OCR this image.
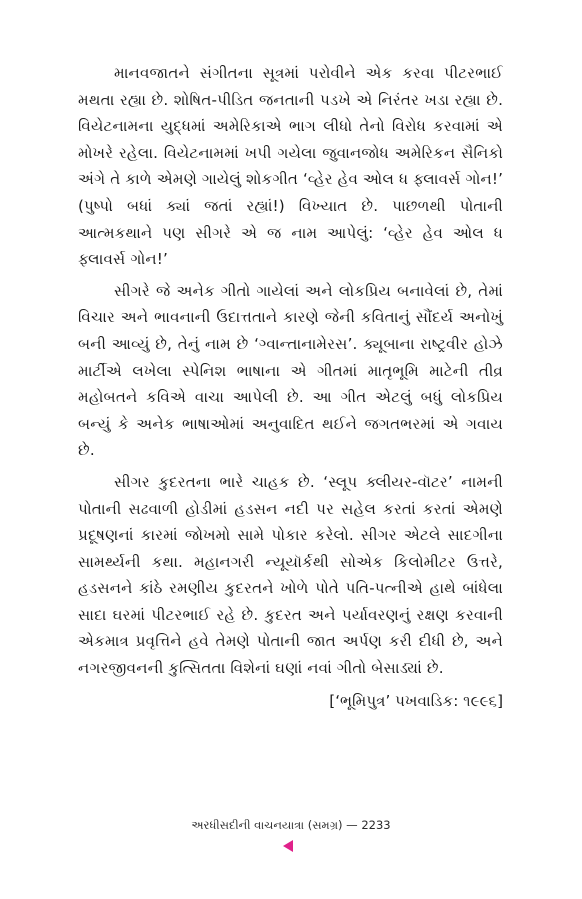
માનવજાતને સંગીતના સૂત્રમાં પરોવીને એક કરવા પીટરભાઈ મથતા રહ્યા છે. શોષિત-પીડિત જનતાની પડખે એ નિરંતર ખડા રહ્યા છે. વિયેટનામના યુદ્ધમાં અમેરિકાએ ભાગ લીધો તેનો વિરોધ કરવામાં એ મોખરે રહેલા. વિયેટનામમાં ખપી ગયેલા જુવાનજોધ અમેરિકન સૈનિકો અંગે તે કાળે એમણે ગાયેલું શોકગીત ‘વ્હેર હેવ ઓલ ધ ફ્લાવર્સ ગોન!’ (પુષ્પો બધાં ક્યાં જતાં રહ્યાં!) વિખ્યાત છે. પાછળથી પોતાની આત્મકથાને પણ સીગરે એ જ નામ આપેલું: ‘વ્હેર હેવ ઓલ ધ ફ્લાવર્સ ગોન!’

સીગરે જે અનેક ગીતો ગાયેલાં અને લોકપ્રિય બનાવેલાં છે, તેમાં વિચાર અને ભાવનાની ઉદાત્તતાને કારણે જેની કવિતાનું સૌંદર્ય અનોખું બની આવ્યું છે, તેનું નામ છે ‘ગ્વાન્તાનામેરસ’. ક્યૂબાના રાષ્ટ્રવીર હોઝે માર્ટીએ લખેલા સ્પેનિશ ભાષાના એ ગીતમાં માતૃભૂમિ માટેની તીવ્ર મહોબતને કવિએ વાચા આપેલી છે. આ ગીત એટલું બધું લોકપ્રિય બન્યું કે અનેક ભાષાઓમાં અનુવાદિત થઈને જગતભરમાં એ ગવાય છે.

સીગર કુદરતના ભારે ચાહક છે. ‘સ્લૂપ ક્લીયર-વૉટર’ નામની પોતાની સઢવાળી હોડીમાં હડસન નદી પર સહેલ કરતાં કરતાં એમણે પ્રદૂષણનાં કારમાં જોખમો સામે પોકાર કરેલો. સીગર એટલે સાદગીના સામર્થ્યની કથા. મહાનગરી ન્યૂયૉર્કથી સોએક કિલોમીટર ઉત્તરે, હડસનને કાંઠે રમણીય કુદરતને ખોળે પોતે પતિ-પત્નીએ હાથે બાંધેલા સાદા ઘરમાં પીટરભાઈ રહે છે. કુદરત અને પર્યાવરણનું રક્ષણ કરવાની એકમાત્ર પ્રવૃત્તિને હવે તેમણે પોતાની જાત અર્પણ કરી દીધી છે, અને નગરજીવનની કુત્સિતતા વિશેનાં ઘણાં નવાં ગીતો બેસાડ્યાં છે.

[‘ભૂમિપુત્ર’ પખવાડિક: ૧૯૯૬]

અરધીસદીની વાચનયાત્રા (સમગ્ર) — 2233
